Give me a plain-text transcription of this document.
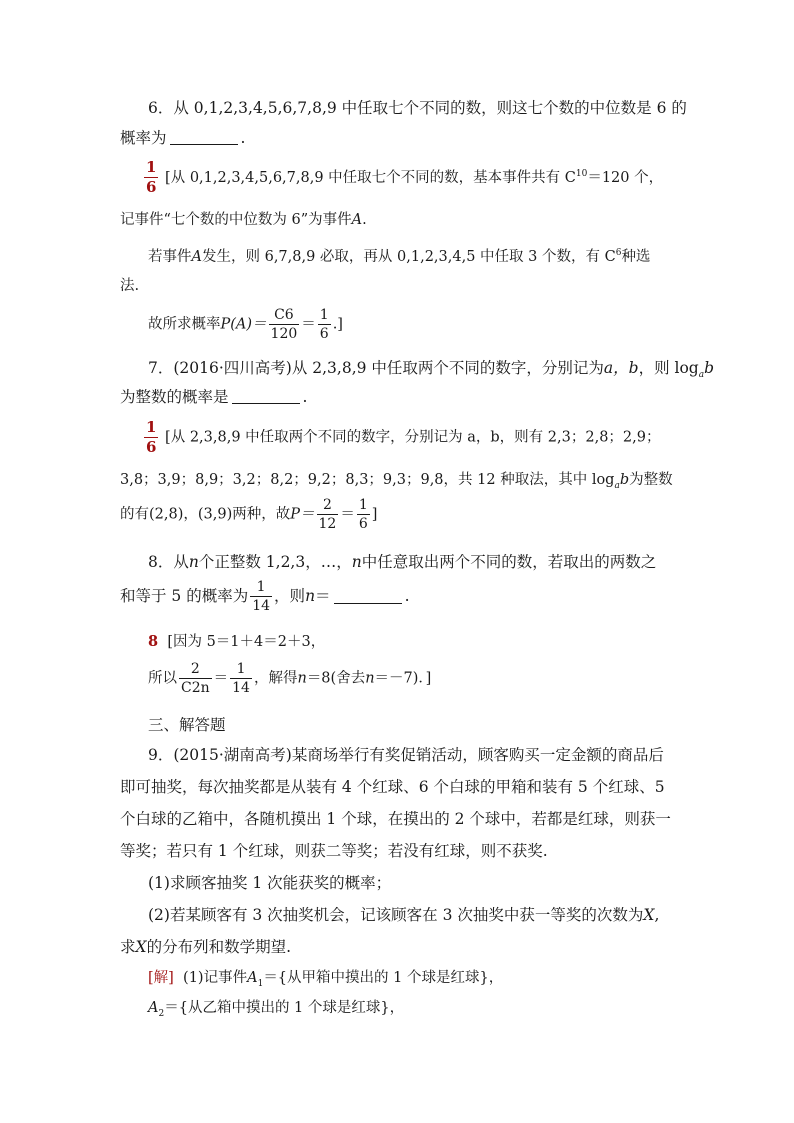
6．从 0,1,2,3,4,5,6,7,8,9 中任取七个不同的数，则这七个数的中位数是 6 的
概率为	.
$\frac{1}{6}$ [从 0,1,2,3,4,5,6,7,8,9 中任取七个不同的数，基本事件共有 $C^{10}=120$ 个，
记事件“七个数的中位数为 6”为事件A.
若事件A发生，则 6,7,8,9 必取，再从 0,1,2,3,4,5 中任取 3 个数，有 $C^6$种选
法.
故所求概率$P(A)= \frac{C6}{120} = \frac{1}{6}$ .]
7．(2016·四川高考)从 2,3,8,9 中任取两个不同的数字，分别记为a，b，则 $\log_ab$
为整数的概率是	.
$\frac{1}{6}$ [从 2,3,8,9 中任取两个不同的数字，分别记为 a，b，则有 2,3；2,8；2,9；
3,8；3,9；8,9；3,2；8,2；9,2；8,3；9,3；9,8，共 12 种取法，其中 $\log_ab$为整数
的有(2,8)，(3,9)两种，故$P= \frac{2}{12} = \frac{1}{6}$ ]
8．从n个正整数 1,2,3，…，n中任意取出两个不同的数，若取出的两数之
和等于 5 的概率为 $\frac{1}{14}$ ，则n＝	.
8 [因为 5＝1＋4＝2＋3，
所以 $\frac{2}{C2n} = \frac{1}{14}$ ，解得n＝8(舍去n＝－7)．]
三、解答题
9．(2015·湖南高考)某商场举行有奖促销活动，顾客购买一定金额的商品后
即可抽奖，每次抽奖都是从装有 4 个红球、6 个白球的甲箱和装有 5 个红球、5
个白球的乙箱中，各随机摸出 1 个球，在摸出的 2 个球中，若都是红球，则获一
等奖；若只有 1 个红球，则获二等奖；若没有红球，则不获奖.
(1)求顾客抽奖 1 次能获奖的概率；
(2)若某顾客有 3 次抽奖机会，记该顾客在 3 次抽奖中获一等奖的次数为X,
求X的分布列和数学期望.
[解] (1)记事件$A_1=${从甲箱中摸出的 1 个球是红球}，
$A_2=${从乙箱中摸出的 1 个球是红球}，
